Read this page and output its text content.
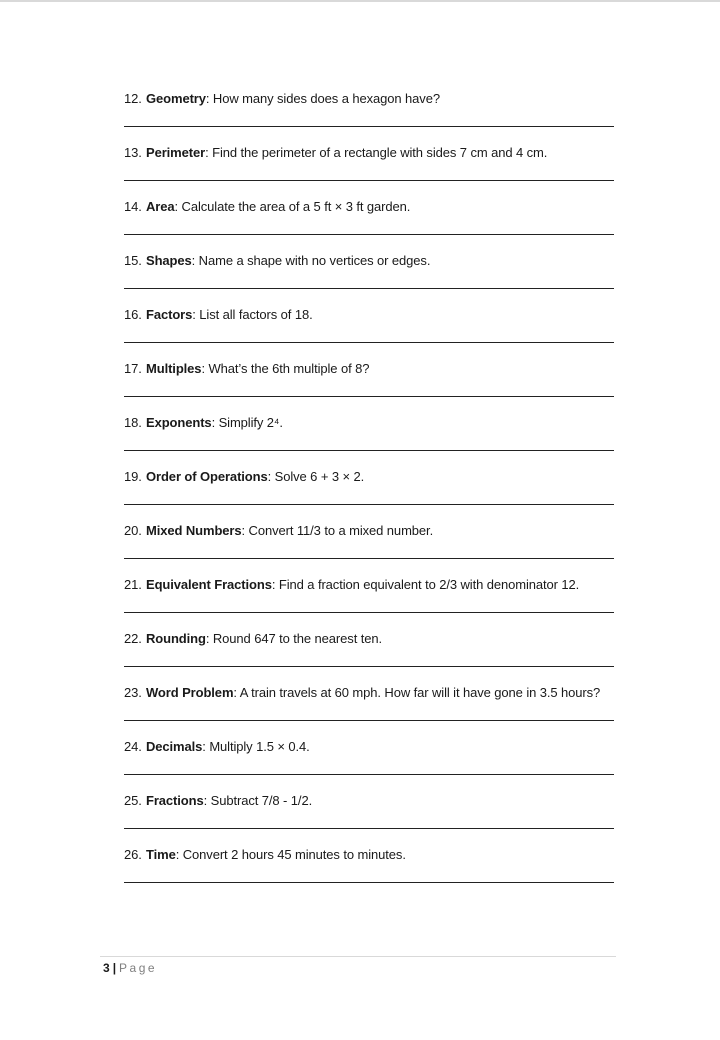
12. Geometry: How many sides does a hexagon have?
13. Perimeter: Find the perimeter of a rectangle with sides 7 cm and 4 cm.
14. Area: Calculate the area of a 5 ft × 3 ft garden.
15. Shapes: Name a shape with no vertices or edges.
16. Factors: List all factors of 18.
17. Multiples: What’s the 6th multiple of 8?
18. Exponents: Simplify 2⁴.
19. Order of Operations: Solve 6 + 3 × 2.
20. Mixed Numbers: Convert 11/3 to a mixed number.
21. Equivalent Fractions: Find a fraction equivalent to 2/3 with denominator 12.
22. Rounding: Round 647 to the nearest ten.
23. Word Problem: A train travels at 60 mph. How far will it have gone in 3.5 hours?
24. Decimals: Multiply 1.5 × 0.4.
25. Fractions: Subtract 7/8 - 1/2.
26. Time: Convert 2 hours 45 minutes to minutes.
3 | Page
